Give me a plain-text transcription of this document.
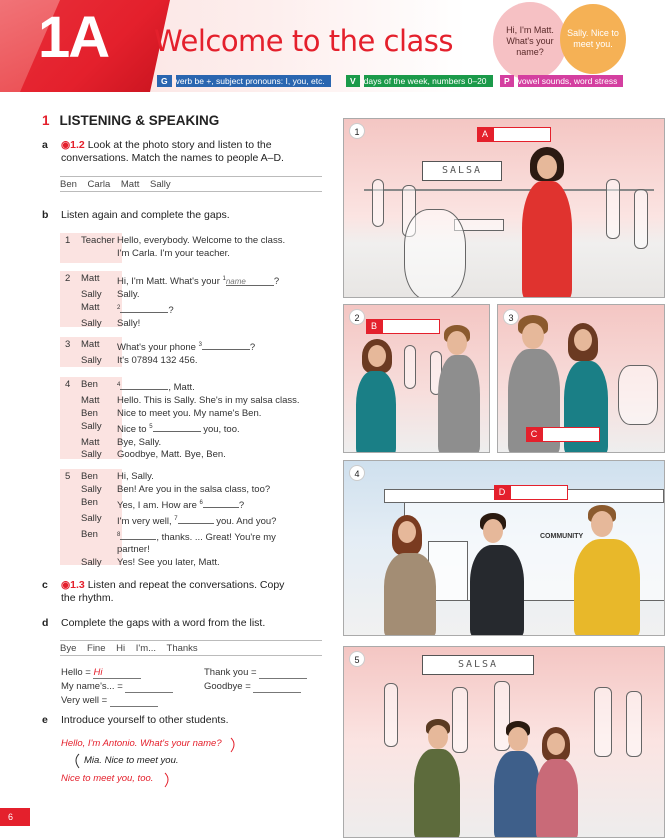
1A Welcome to the class	Hi, I'm Matt. What's your name?
Sally. Nice to meet you.
G verb be +, subject pronouns: I, you, etc.	V days of the week, numbers 0–20	P vowel sounds, word stress
1 LISTENING & SPEAKING
a ◉1.2 Look at the photo story and listen to the conversations. Match the names to people A–D.
Ben Carla Matt Sally
b Listen again and complete the gaps.
1	Teacher Hello, everybody. Welcome to the class.
I'm Carla. I'm your teacher.
2	Matt	Hi, I'm Matt. What's your $^1$name	?
Sally	Sally.
Matt	$^2$	?
Sally	Sally!
3	Matt	What's your phone $^3$	?
Sally	It's 07894 132 456.
4	Ben	$^4$	, Matt.
Matt	Hello. This is Sally. She's in my salsa class.
Ben	Nice to meet you. My name's Ben.
Sally	Nice to $^5$	you, too.
Matt	Bye, Sally.
Sally	Goodbye, Matt. Bye, Ben.
5	Ben	Hi, Sally.
Sally	Ben! Are you in the salsa class, too?
Ben	Yes, I am. How are $^6$	?
Sally	I'm very well, $^7$	you. And you?
Ben	$^8$	, thanks. ... Great! You're my
partner!
Sally	Yes! See you later, Matt.
c ◉1.3 Listen and repeat the conversations. Copy
the rhythm.
d Complete the gaps with a word from the list.
Bye Fine Hi I'm... Thanks
Hello = Hi
My name's... =
Very well =
Thank you =
Goodbye =
e Introduce yourself to other students.
Hello, I'm Antonio. What's your name?
Mia. Nice to meet you.
Nice to meet you, too.
6
1
SALSA
A
2
B
3
C
4
COMMUNITY
D
5	SALSA
